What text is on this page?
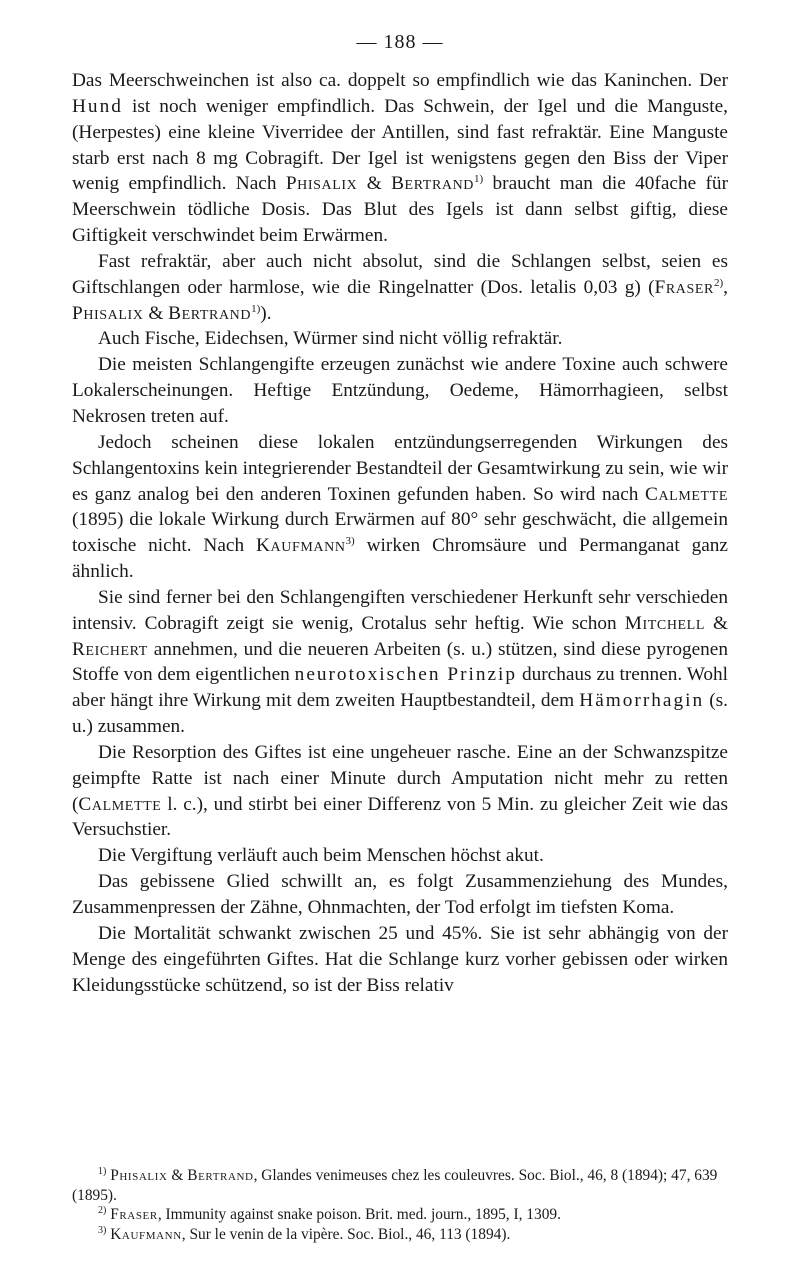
— 188 —

Das Meerschweinchen ist also ca. doppelt so empfindlich wie das Kaninchen. Der Hund ist noch weniger empfindlich. Das Schwein, der Igel und die Manguste, (Herpestes) eine kleine Viverridee der Antillen, sind fast refraktär. Eine Manguste starb erst nach 8 mg Cobragift. Der Igel ist wenigstens gegen den Biss der Viper wenig empfindlich. Nach Phisalix & Bertrand$^{1)}$ braucht man die 40fache für Meerschwein tödliche Dosis. Das Blut des Igels ist dann selbst giftig, diese Giftigkeit verschwindet beim Erwärmen.

Fast refraktär, aber auch nicht absolut, sind die Schlangen selbst, seien es Giftschlangen oder harmlose, wie die Ringelnatter (Dos. letalis 0,03 g) (Fraser$^{2)}$, Phisalix & Bertrand$^{1)}$).

Auch Fische, Eidechsen, Würmer sind nicht völlig refraktär.

Die meisten Schlangengifte erzeugen zunächst wie andere Toxine auch schwere Lokalerscheinungen. Heftige Entzündung, Oedeme, Hämorrhagieen, selbst Nekrosen treten auf.

Jedoch scheinen diese lokalen entzündungserregenden Wirkungen des Schlangentoxins kein integrierender Bestandteil der Gesamtwirkung zu sein, wie wir es ganz analog bei den anderen Toxinen gefunden haben. So wird nach Calmette (1895) die lokale Wirkung durch Erwärmen auf 80° sehr geschwächt, die allgemein toxische nicht. Nach Kaufmann$^{3)}$ wirken Chromsäure und Permanganat ganz ähnlich.

Sie sind ferner bei den Schlangengiften verschiedener Herkunft sehr verschieden intensiv. Cobragift zeigt sie wenig, Crotalus sehr heftig. Wie schon Mitchell & Reichert annehmen, und die neueren Arbeiten (s. u.) stützen, sind diese pyrogenen Stoffe von dem eigentlichen neurotoxischen Prinzip durchaus zu trennen. Wohl aber hängt ihre Wirkung mit dem zweiten Hauptbestandteil, dem Hämorrhagin (s. u.) zusammen.

Die Resorption des Giftes ist eine ungeheuer rasche. Eine an der Schwanzspitze geimpfte Ratte ist nach einer Minute durch Amputation nicht mehr zu retten (Calmette l. c.), und stirbt bei einer Differenz von 5 Min. zu gleicher Zeit wie das Versuchstier.

Die Vergiftung verläuft auch beim Menschen höchst akut.

Das gebissene Glied schwillt an, es folgt Zusammenziehung des Mundes, Zusammenpressen der Zähne, Ohnmachten, der Tod erfolgt im tiefsten Koma.

Die Mortalität schwankt zwischen 25 und 45%. Sie ist sehr abhängig von der Menge des eingeführten Giftes. Hat die Schlange kurz vorher gebissen oder wirken Kleidungsstücke schützend, so ist der Biss relativ

$^{1)}$ Phisalix & Bertrand, Glandes venimeuses chez les couleuvres. Soc. Biol., 46, 8 (1894); 47, 639 (1895).

$^{2)}$ Fraser, Immunity against snake poison. Brit. med. journ., 1895, I, 1309.

$^{3)}$ Kaufmann, Sur le venin de la vipère. Soc. Biol., 46, 113 (1894).
